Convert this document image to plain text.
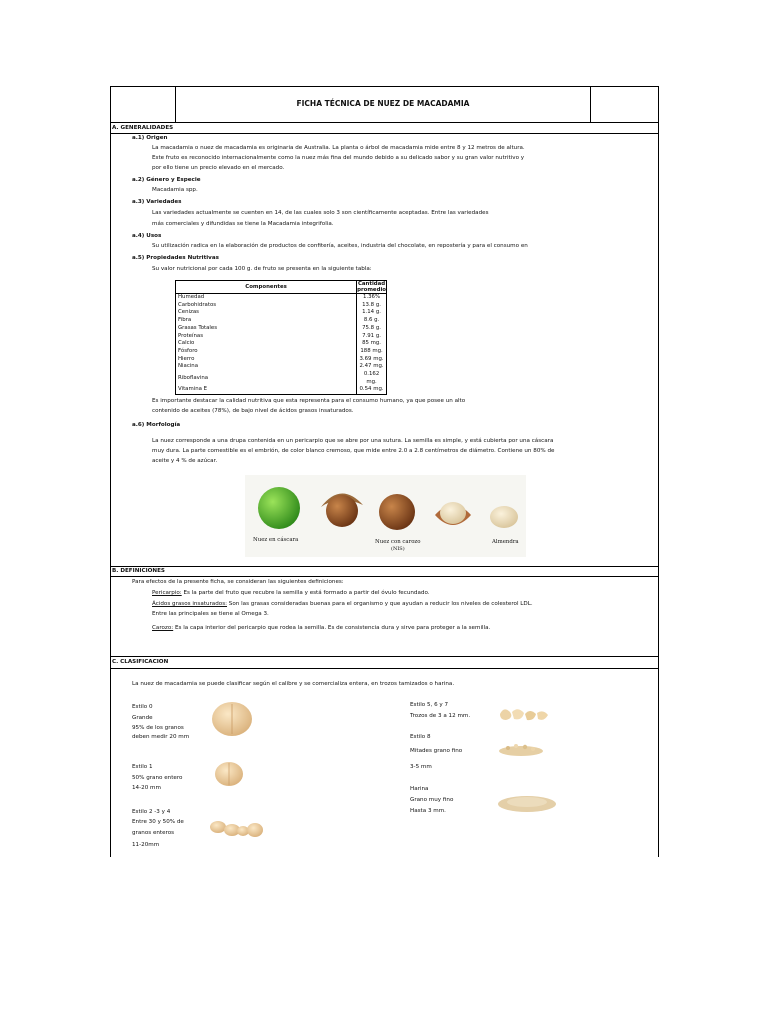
FICHA TÉCNICA DE NUEZ DE MACADAMIA
A. GENERALIDADES
a.1) Origen
La macadamia o nuez de macadamia es originaria de Australia. La planta o árbol de macadamia mide entre 8 y 12 metros de altura.
Este fruto es reconocido internacionalmente como la nuez más fina del mundo debido a su delicado sabor y su gran valor nutritivo y
por ello tiene un precio elevado en el mercado.
a.2) Género y Especie
Macadamia spp.
a.3) Variedades
Las variedades actualmente se cuenten en 14, de las cuales solo 3 son científicamente aceptadas. Entre las variedades
más comerciales y difundidas se tiene la Macadamia integrifolia.
a.4) Usos
Su utilización radica en la elaboración de productos de confitería, aceites, industria del chocolate, en repostería y para el consumo en
a.5) Propiedades Nutritivas
Su valor nutricional por cada 100 g. de fruto se presenta en la siguiente tabla:
Componentes	Cantidad promedio
Humedad	1.36%
Carbohidratos	13.8 g.
Cenizas	1.14 g.
Fibra	8.6 g.
Grasas Totales	75.8 g.
Proteínas	7.91 g.
Calcio	85 mg.
Fósforo	188 mg.
Hierro	3.69 mg.
Niacina	2.47 mg.
Riboflavina	0.162 mg.
Vitamina E	0.54 mg.
Es importante destacar la calidad nutritiva que esta representa para el consumo humano, ya que posee un alto
contenido de aceites (78%), de bajo nivel de ácidos grasos insaturados.
a.6) Morfología
La nuez corresponde a una drupa contenida en un pericarpio que se abre por una sutura. La semilla es simple, y está cubierta por una cáscara
muy dura. La parte comestible es el embrión, de color blanco cremoso, que mide entre 2.0 a 2.8 centímetros de diámetro. Contiene un 80% de
aceite y 4 % de azúcar.
Nuez en cáscara	Nuez con carozo
(NIS)
Almendra
B. DEFINICIONES
Para efectos de la presente ficha, se consideran las siguientes definiciones:
Pericarpio: Es la parte del fruto que recubre la semilla y está formado a partir del óvulo fecundado.
Ácidos grasos insaturados: Son las grasas consideradas buenas para el organismo y que ayudan a reducir los niveles de colesterol LDL.
Entre las principales se tiene al Omega 3.
Carozo: Es la capa interior del pericarpio que rodea la semilla. Es de consistencia dura y sirve para proteger a la semilla.
C. CLASIFICACION
La nuez de macadamia se puede clasificar según el calibre y se comercializa entera, en trozos tamizados o harina.
Estilo 0
Grande
95% de los granos
deben medir 20 mm
Estilo 1
50% grano entero
14-20 mm
Estilo 2 -3 y 4
Entre 30 y 50% de
granos enteros
11-20mm
Estilo 5, 6 y 7
Trozos de 3 a 12 mm.
Estilo 8
Mitades grano fino
3-5 mm
Harina
Grano muy fino
Hasta 3 mm.
